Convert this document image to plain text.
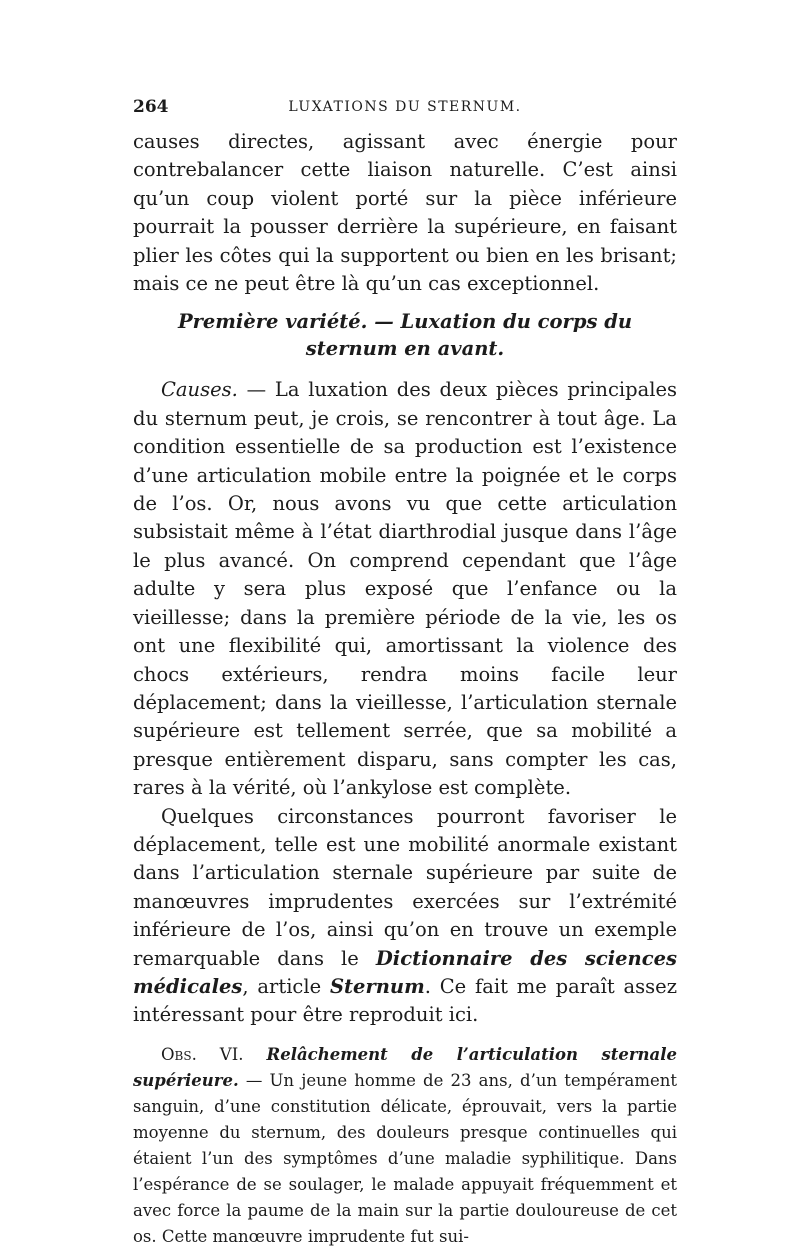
264	LUXATIONS DU STERNUM.

causes directes, agissant avec énergie pour contrebalancer cette liaison naturelle. C’est ainsi qu’un coup violent porté sur la pièce inférieure pourrait la pousser derrière la supérieure, en faisant plier les côtes qui la supportent ou bien en les brisant; mais ce ne peut être là qu’un cas exceptionnel.

Première variété. — Luxation du corps du sternum en avant.

Causes. — La luxation des deux pièces principales du sternum peut, je crois, se rencontrer à tout âge. La condition essentielle de sa production est l’existence d’une articulation mobile entre la poignée et le corps de l’os. Or, nous avons vu que cette articulation subsistait même à l’état diarthrodial jusque dans l’âge le plus avancé. On comprend cependant que l’âge adulte y sera plus exposé que l’enfance ou la vieillesse; dans la première période de la vie, les os ont une flexibilité qui, amortissant la violence des chocs extérieurs, rendra moins facile leur déplacement; dans la vieillesse, l’articulation sternale supérieure est tellement serrée, que sa mobilité a presque entièrement disparu, sans compter les cas, rares à la vérité, où l’ankylose est complète.

Quelques circonstances pourront favoriser le déplacement, telle est une mobilité anormale existant dans l’articulation sternale supérieure par suite de manœuvres imprudentes exercées sur l’extrémité inférieure de l’os, ainsi qu’on en trouve un exemple remarquable dans le Dictionnaire des sciences médicales, article Sternum. Ce fait me paraît assez intéressant pour être reproduit ici.

Obs. VI. Relâchement de l’articulation sternale supérieure. — Un jeune homme de 23 ans, d’un tempérament sanguin, d’une constitution délicate, éprouvait, vers la partie moyenne du sternum, des douleurs presque continuelles qui étaient l’un des symptômes d’une maladie syphilitique. Dans l’espérance de se soulager, le malade appuyait fréquemment et avec force la paume de la main sur la partie douloureuse de cet os. Cette manœuvre imprudente fut sui-
